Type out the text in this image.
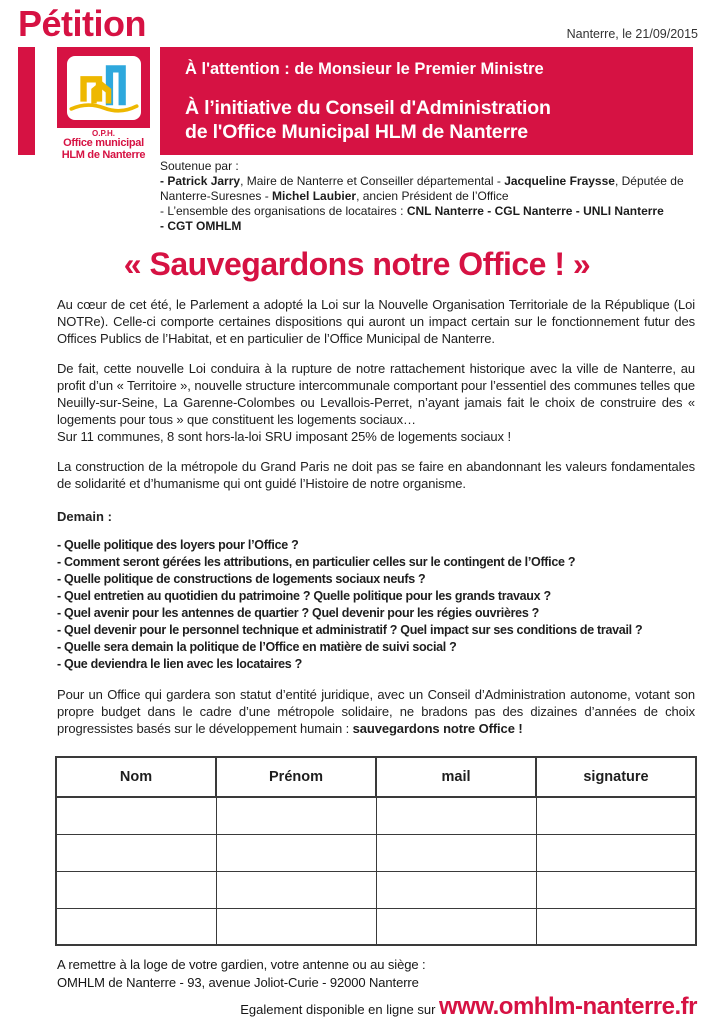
Pétition	Nanterre, le 21/09/2015
O.P.H.
Office municipal
HLM de Nanterre
À l'attention : de Monsieur le Premier Ministre
À l’initiative du Conseil d'Administration
de l'Office Municipal HLM de Nanterre
Soutenue par :
- Patrick Jarry, Maire de Nanterre et Conseiller départemental - Jacqueline Fraysse, Députée de Nanterre-Suresnes - Michel Laubier, ancien Président de l’Office
- L’ensemble des organisations de locataires : CNL Nanterre - CGL Nanterre - UNLI Nanterre
- CGT OMHLM
« Sauvegardons notre Office ! »

Au cœur de cet été, le Parlement a adopté la Loi sur la Nouvelle Organisation Territoriale de la République (Loi NOTRe). Celle-ci comporte certaines dispositions qui auront un impact certain sur le fonctionnement futur des Offices Publics de l’Habitat, et en particulier de l’Office Municipal de Nanterre.

De fait, cette nouvelle Loi conduira à la rupture de notre rattachement historique avec la ville de Nanterre, au profit d’un « Territoire », nouvelle structure intercommunale comportant pour l’essentiel des communes telles que Neuilly-sur-Seine, La Garenne-Colombes ou Levallois-Perret, n’ayant jamais fait le choix de construire des « logements pour tous » que constituent les logements sociaux…
Sur 11 communes, 8 sont hors-la-loi SRU imposant 25% de logements sociaux !

La construction de la métropole du Grand Paris ne doit pas se faire en abandonnant les valeurs fondamentales de solidarité et d’humanisme qui ont guidé l’Histoire de notre organisme.

Demain :

- Quelle politique des loyers pour l’Office ?
- Comment seront gérées les attributions, en particulier celles sur le contingent de l’Office ?
- Quelle politique de constructions de logements sociaux neufs ?
- Quel entretien au quotidien du patrimoine ? Quelle politique pour les grands travaux ?
- Quel avenir pour les antennes de quartier ? Quel devenir pour les régies ouvrières ?
- Quel devenir pour le personnel technique et administratif ? Quel impact sur ses conditions de travail ?
- Quelle sera demain la politique de l’Office en matière de suivi social ?
- Que deviendra le lien avec les locataires ?

Pour un Office qui gardera son statut d’entité juridique, avec un Conseil d’Administration autonome, votant son propre budget dans le cadre d’une métropole solidaire, ne bradons pas des dizaines d’années de choix progressistes basés sur le développement humain : sauvegardons notre Office !

Nom	Prénom	mail	signature

A remettre à la loge de votre gardien, votre antenne ou au siège :
OMHLM de Nanterre - 93, avenue Joliot-Curie - 92000 Nanterre
Egalement disponible en ligne sur www.omhlm-nanterre.fr
